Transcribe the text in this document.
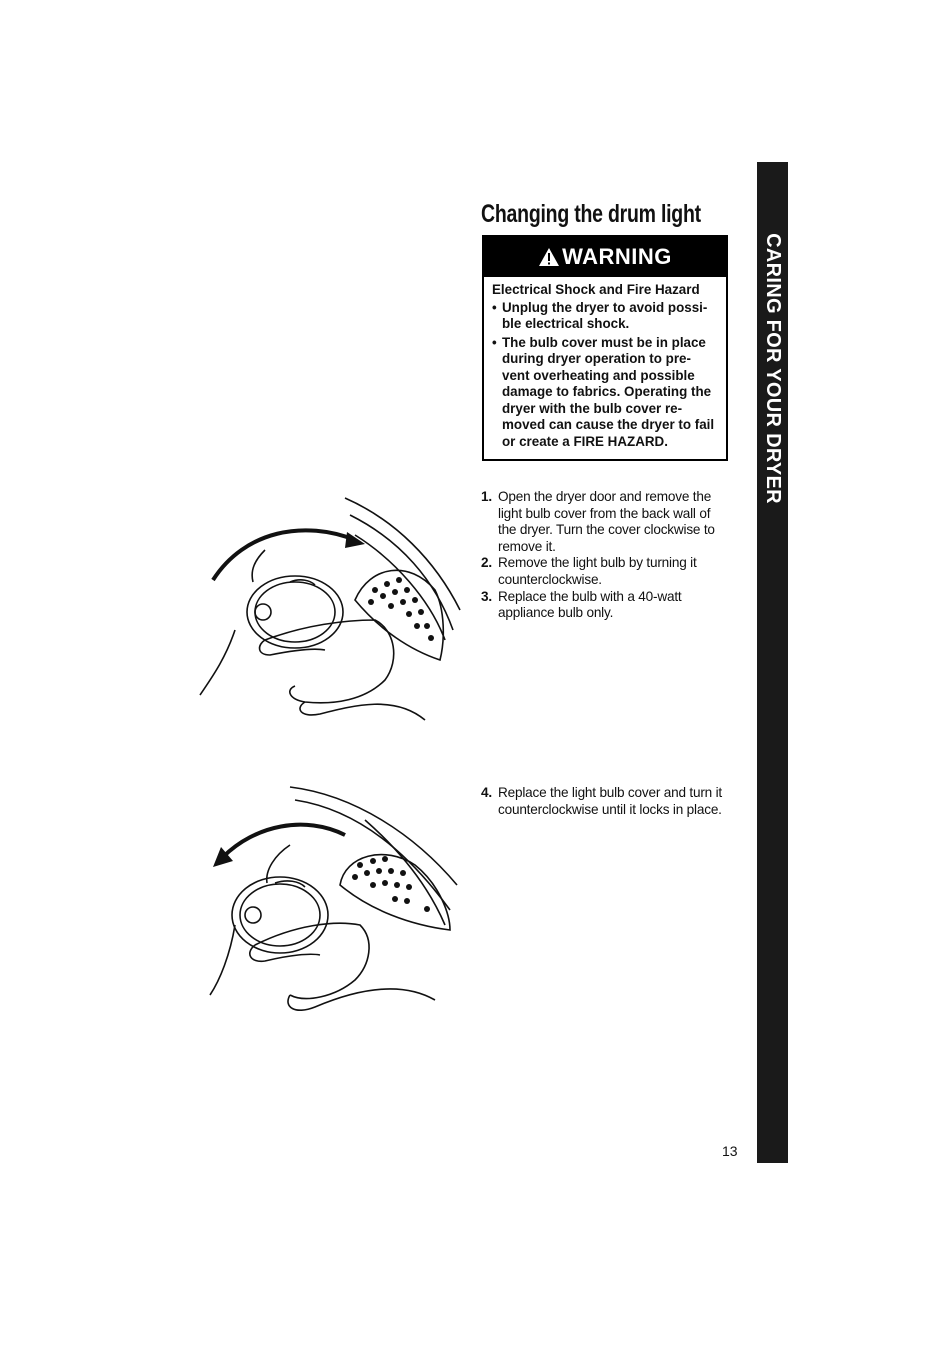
Changing the drum light
WARNING
Electrical Shock and Fire Hazard
• Unplug the dryer to avoid possi-ble electrical shock.
• The bulb cover must be in place during dryer operation to pre-vent overheating and possible damage to fabrics. Operating the dryer with the bulb cover re-moved can cause the dryer to fail or create a FIRE HAZARD.
1. Open the dryer door and remove the light bulb cover from the back wall of the dryer. Turn the cover clockwise to remove it.
2. Remove the light bulb by turning it counterclockwise.
3. Replace the bulb with a 40-watt appliance bulb only.
4. Replace the light bulb cover and turn it counterclockwise until it locks in place.
CARING FOR YOUR DRYER
13
